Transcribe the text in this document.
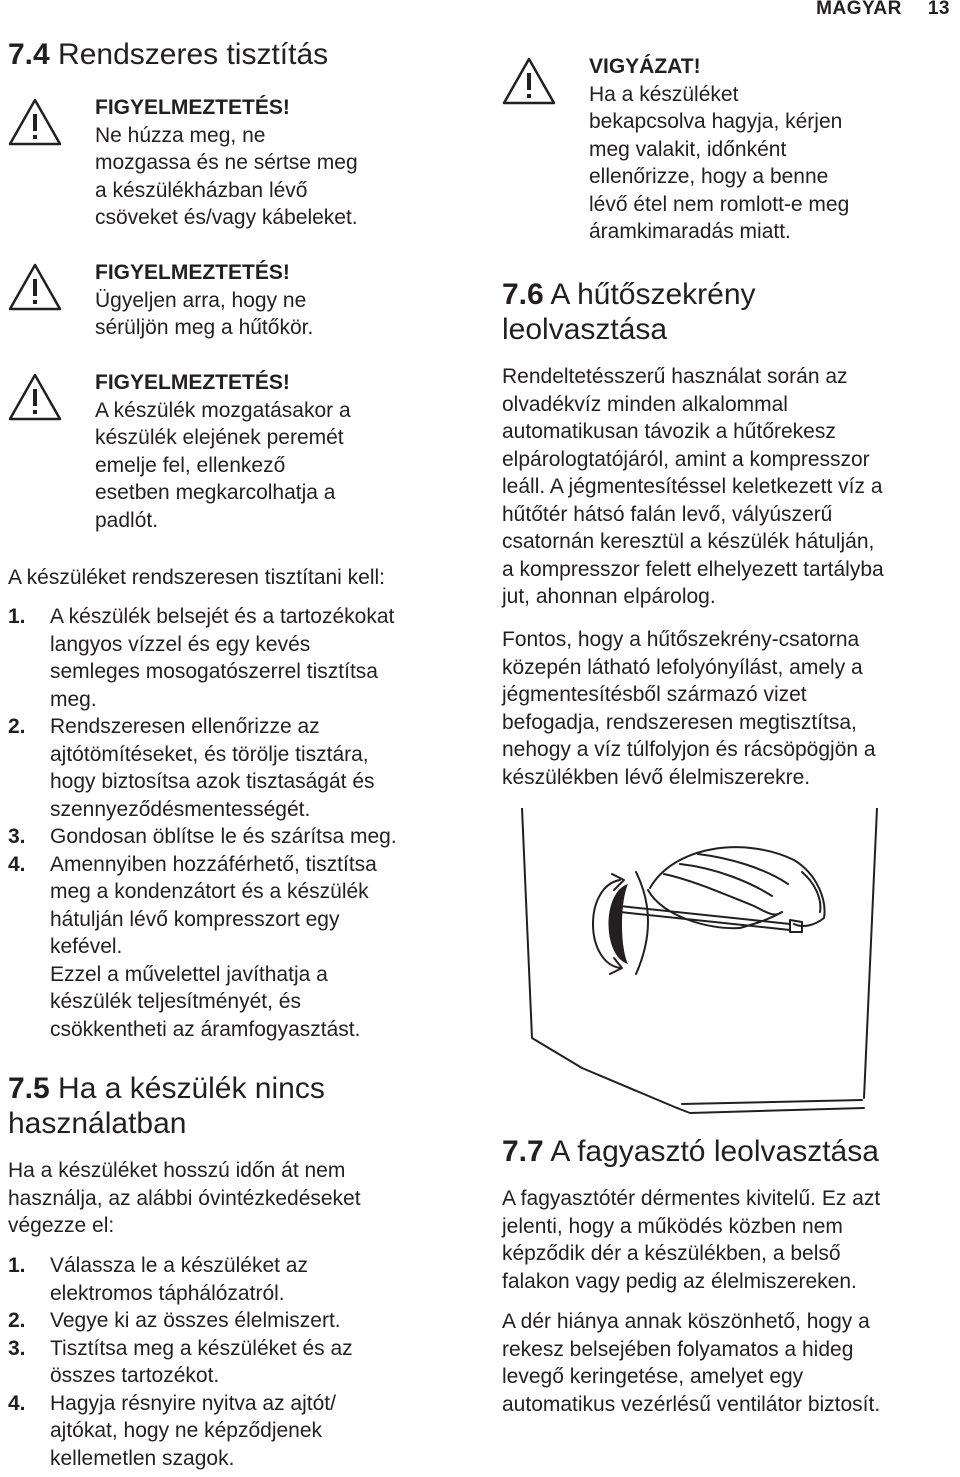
MAGYAR 13
7.4 Rendszeres tisztítás
FIGYELMEZTETÉS!
Ne húzza meg, ne
mozgassa és ne sértse meg
a készülékházban lévő
csöveket és/vagy kábeleket.
FIGYELMEZTETÉS!
Ügyeljen arra, hogy ne
sérüljön meg a hűtőkör.
FIGYELMEZTETÉS!
A készülék mozgatásakor a
készülék elejének peremét
emelje fel, ellenkező
esetben megkarcolhatja a
padlót.

A készüléket rendszeresen tisztítani kell:

1. A készülék belsejét és a tartozékokat
langyos vízzel és egy kevés
semleges mosogatószerrel tisztítsa
meg.
2. Rendszeresen ellenőrizze az
ajtótömítéseket, és törölje tisztára,
hogy biztosítsa azok tisztaságát és
szennyeződésmentességét.
3. Gondosan öblítse le és szárítsa meg.
4. Amennyiben hozzáférhető, tisztítsa
meg a kondenzátort és a készülék
hátulján lévő kompresszort egy
kefével.
Ezzel a művelettel javíthatja a
készülék teljesítményét, és
csökkentheti az áramfogyasztást.
7.5 Ha a készülék nincs
használatban

Ha a készüléket hosszú időn át nem

használja, az alábbi óvintézkedéseket

végezze el:

1. Válassza le a készüléket az
elektromos táphálózatról.
2. Vegye ki az összes élelmiszert.
3. Tisztítsa meg a készüléket és az
összes tartozékot.
4. Hagyja résnyire nyitva az ajtót/
ajtókat, hogy ne képződjenek
kellemetlen szagok.
VIGYÁZAT!
Ha a készüléket
bekapcsolva hagyja, kérjen
meg valakit, időnként
ellenőrizze, hogy a benne
lévő étel nem romlott-e meg
áramkimaradás miatt.
7.6 A hűtőszekrény
leolvasztása

Rendeltetésszerű használat során az

olvadékvíz minden alkalommal

automatikusan távozik a hűtőrekesz

elpárologtatójáról, amint a kompresszor

leáll. A jégmentesítéssel keletkezett víz a

hűtőtér hátsó falán levő, vályúszerű

csatornán keresztül a készülék hátulján,

a kompresszor felett elhelyezett tartályba

jut, ahonnan elpárolog.

Fontos, hogy a hűtőszekrény-csatorna

közepén látható lefolyónyílást, amely a

jégmentesítésből származó vizet

befogadja, rendszeresen megtisztítsa,

nehogy a víz túlfolyjon és rácsöpögjön a

készülékben lévő élelmiszerekre.

7.7 A fagyasztó leolvasztása

A fagyasztótér dérmentes kivitelű. Ez azt

jelenti, hogy a működés közben nem

képződik dér a készülékben, a belső

falakon vagy pedig az élelmiszereken.

A dér hiánya annak köszönhető, hogy a

rekesz belsejében folyamatos a hideg

levegő keringetése, amelyet egy

automatikus vezérlésű ventilátor biztosít.
